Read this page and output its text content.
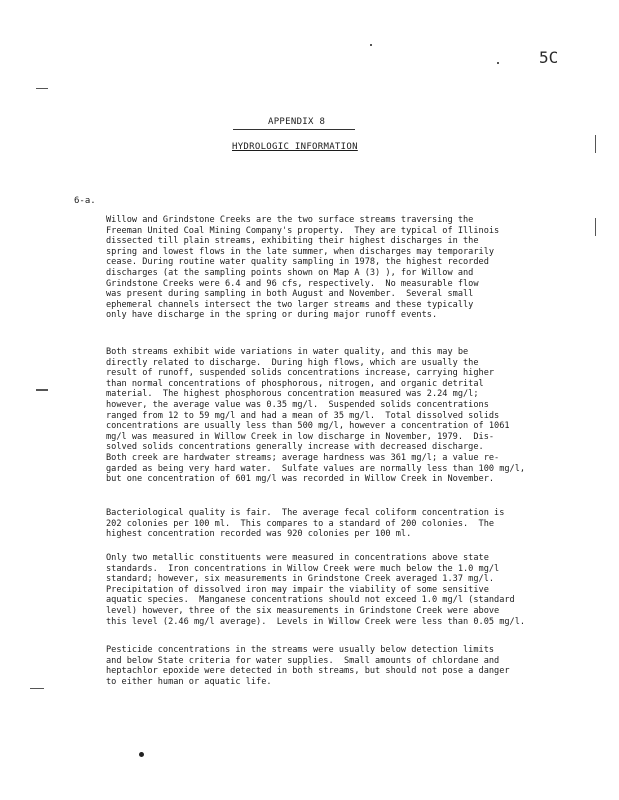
5C
APPENDIX 8
HYDROLOGIC INFORMATION
6-a.

Willow and Grindstone Creeks are the two surface streams traversing the

Freeman United Coal Mining Company's property.  They are typical of Illinois

dissected till plain streams, exhibiting their highest discharges in the

spring and lowest flows in the late summer, when discharges may temporarily

cease. During routine water quality sampling in 1978, the highest recorded

discharges (at the sampling points shown on Map A (3) ), for Willow and

Grindstone Creeks were 6.4 and 96 cfs, respectively.  No measurable flow

was present during sampling in both August and November.  Several small

ephemeral channels intersect the two larger streams and these typically

only have discharge in the spring or during major runoff events.

Both streams exhibit wide variations in water quality, and this may be

directly related to discharge.  During high flows, which are usually the

result of runoff, suspended solids concentrations increase, carrying higher

than normal concentrations of phosphorous, nitrogen, and organic detrital

material.  The highest phosphorous concentration measured was 2.24 mg/l;

however, the average value was 0.35 mg/l.  Suspended solids concentrations

ranged from 12 to 59 mg/l and had a mean of 35 mg/l.  Total dissolved solids

concentrations are usually less than 500 mg/l, however a concentration of 1061

mg/l was measured in Willow Creek in low discharge in November, 1979.  Dis-

solved solids concentrations generally increase with decreased discharge.

Both creek are hardwater streams; average hardness was 361 mg/l; a value re-

garded as being very hard water.  Sulfate values are normally less than 100 mg/l,

but one concentration of 601 mg/l was recorded in Willow Creek in November.

Bacteriological quality is fair.  The average fecal coliform concentration is

202 colonies per 100 ml.  This compares to a standard of 200 colonies.  The

highest concentration recorded was 920 colonies per 100 ml.

Only two metallic constituents were measured in concentrations above state

standards.  Iron concentrations in Willow Creek were much below the 1.0 mg/l

standard; however, six measurements in Grindstone Creek averaged 1.37 mg/l.

Precipitation of dissolved iron may impair the viability of some sensitive

aquatic species.  Manganese concentrations should not exceed 1.0 mg/l (standard

level) however, three of the six measurements in Grindstone Creek were above

this level (2.46 mg/l average).  Levels in Willow Creek were less than 0.05 mg/l.

Pesticide concentrations in the streams were usually below detection limits

and below State criteria for water supplies.  Small amounts of chlordane and

heptachlor epoxide were detected in both streams, but should not pose a danger

to either human or aquatic life.
